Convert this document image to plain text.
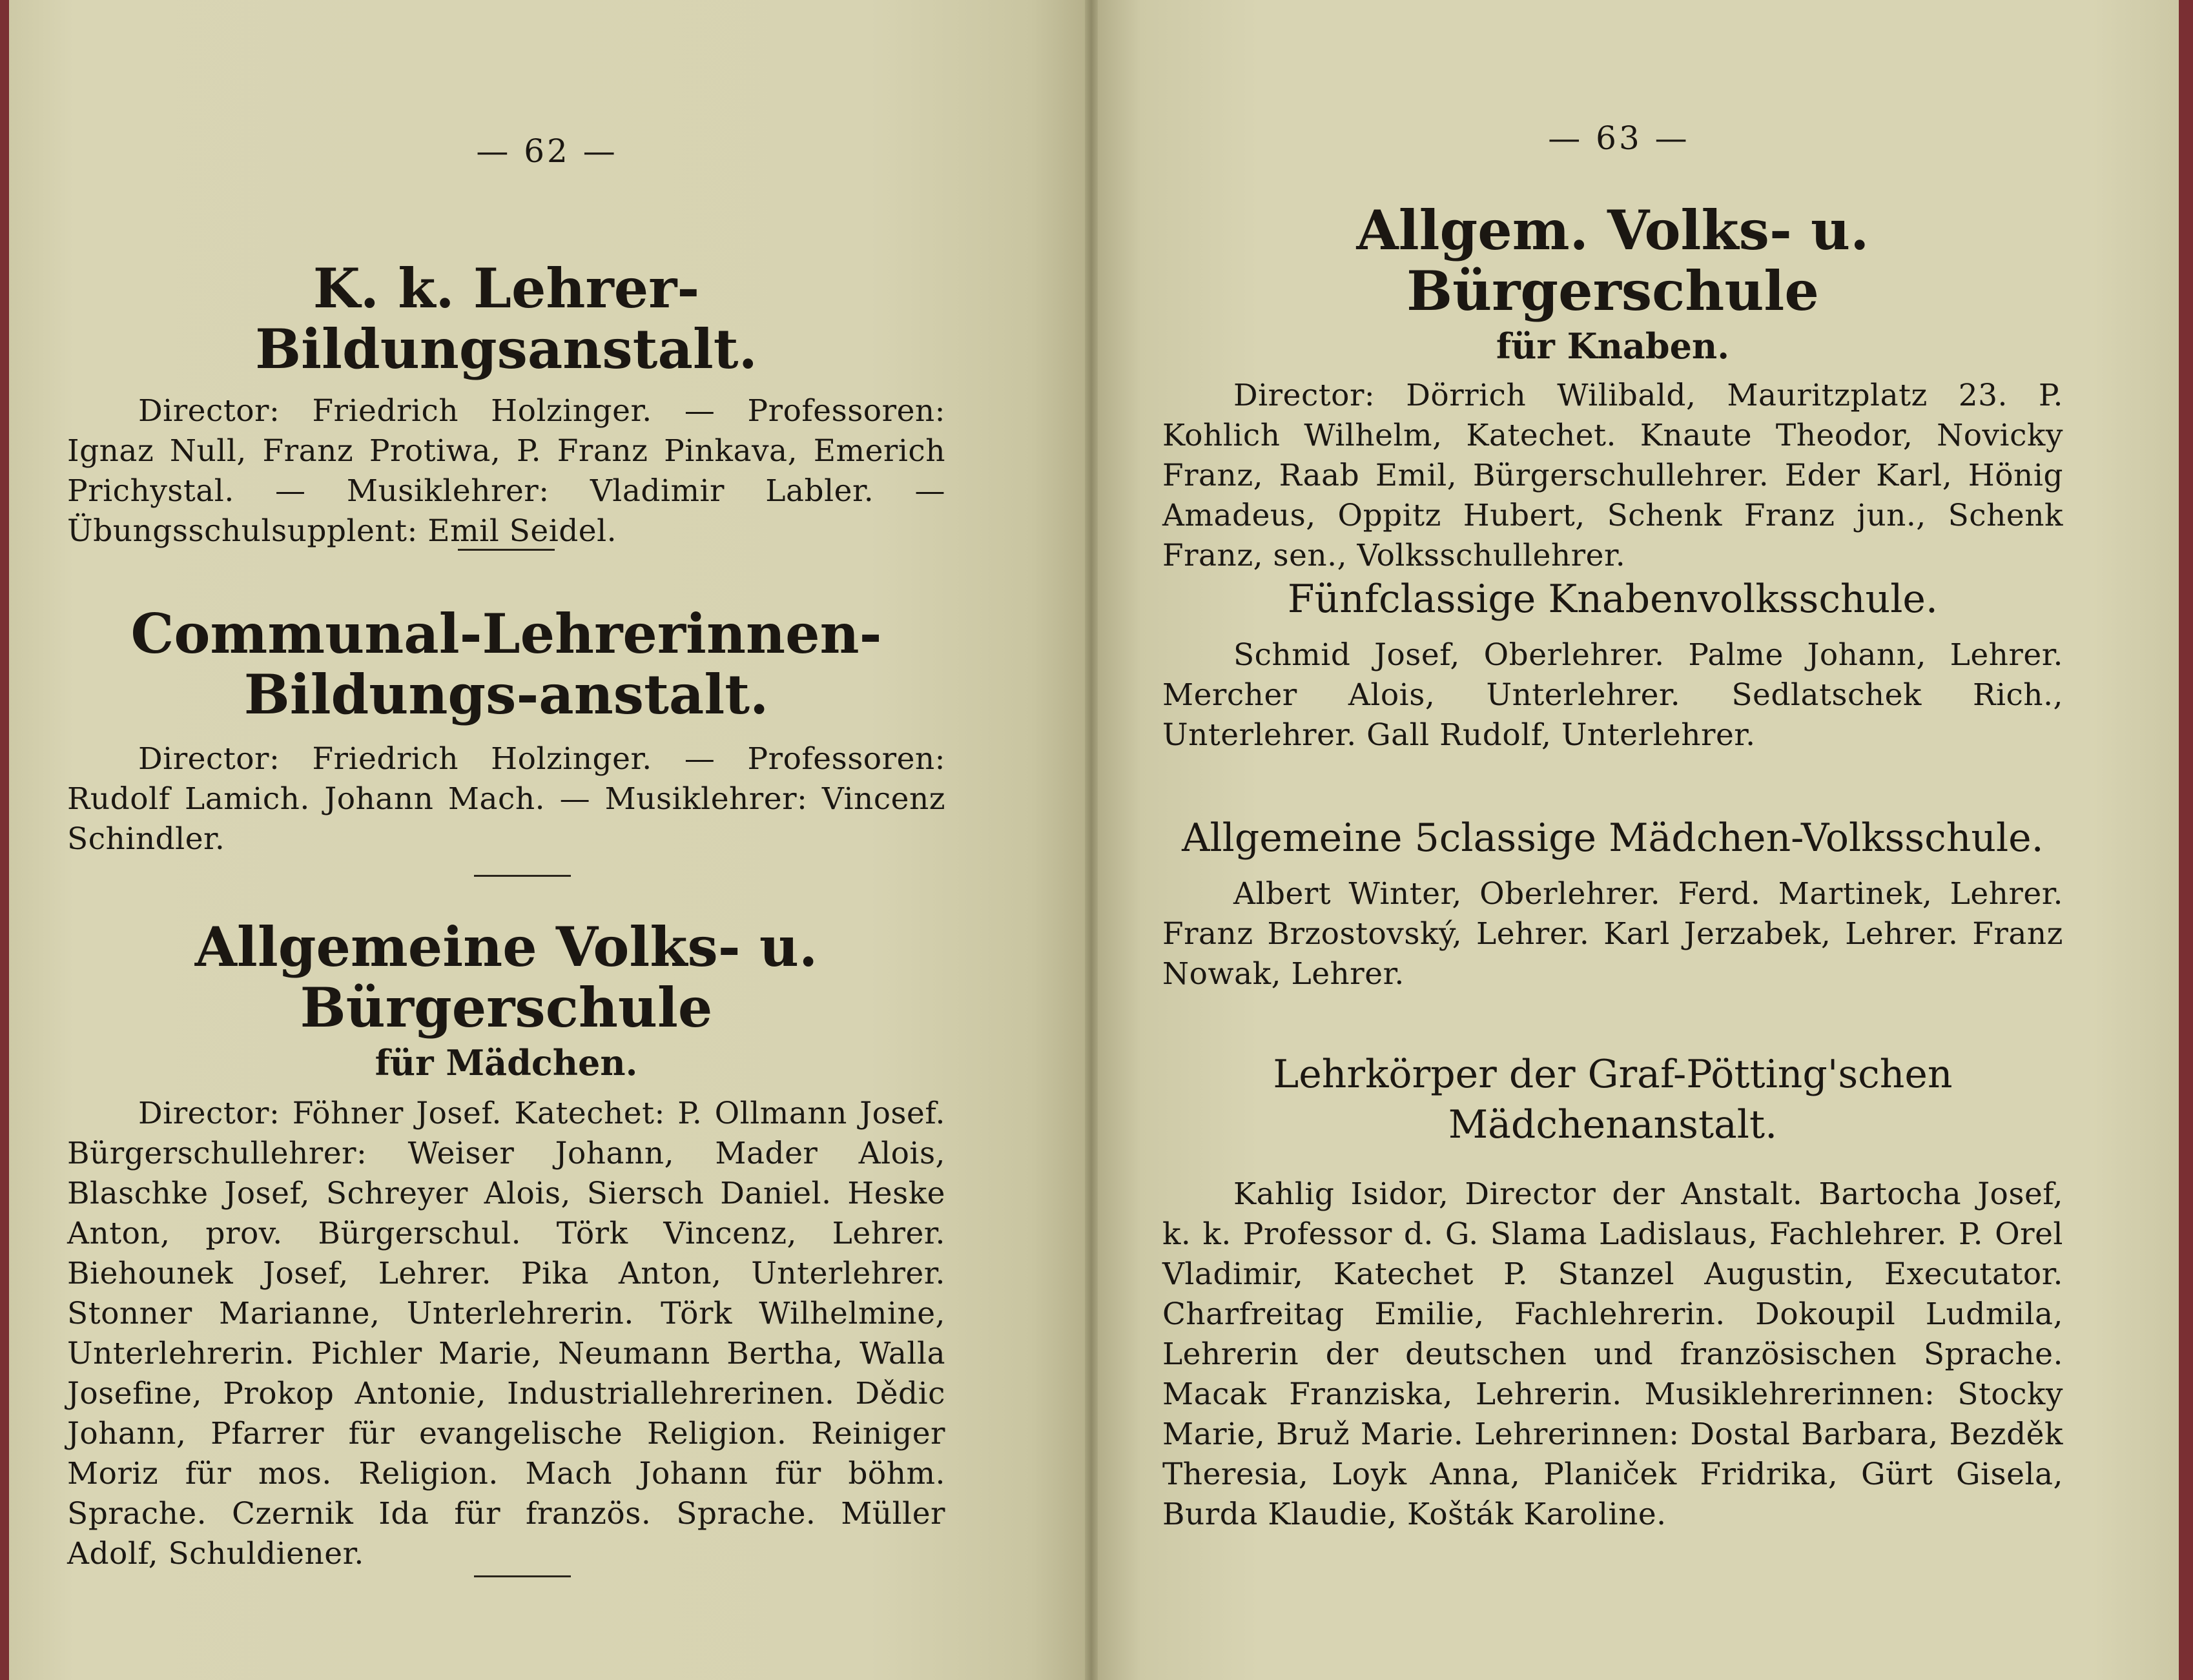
— 62 —
K. k. Lehrer-Bildungsanstalt.

Director: Friedrich Holzinger. — Professoren: Ignaz Null, Franz Protiwa, P. Franz Pinkava, Emerich Prichystal. — Musiklehrer: Vladimir Labler. — Übungsschulsupplent: Emil Seidel.

Communal-Lehrerinnen-Bildungs-anstalt.

Director: Friedrich Holzinger. — Professoren: Rudolf Lamich. Johann Mach. — Musiklehrer: Vincenz Schindler.

Allgemeine Volks- u. Bürgerschule
für Mädchen.

Director: Föhner Josef. Katechet: P. Ollmann Josef. Bürgerschullehrer: Weiser Johann, Mader Alois, Blaschke Josef, Schreyer Alois, Siersch Daniel. Heske Anton, prov. Bürgerschul. Törk Vincenz, Lehrer. Biehounek Josef, Lehrer. Pika Anton, Unterlehrer. Stonner Marianne, Unterlehrerin. Törk Wilhelmine, Unterlehrerin. Pichler Marie, Neumann Bertha, Walla Josefine, Prokop Antonie, Industriallehrerinen. Dědic Johann, Pfarrer für evangelische Religion. Reiniger Moriz für mos. Religion. Mach Johann für böhm. Sprache. Czernik Ida für französ. Sprache. Müller Adolf, Schuldiener.

— 63 —
Allgem. Volks- u. Bürgerschule
für Knaben.

Director: Dörrich Wilibald, Mauritzplatz 23. P. Kohlich Wilhelm, Katechet. Knaute Theodor, Novicky Franz, Raab Emil, Bürgerschullehrer. Eder Karl, Hönig Amadeus, Oppitz Hubert, Schenk Franz jun., Schenk Franz, sen., Volksschullehrer.

Fünfclassige Knabenvolksschule.

Schmid Josef, Oberlehrer. Palme Johann, Lehrer. Mercher Alois, Unterlehrer. Sedlatschek Rich., Unterlehrer. Gall Rudolf, Unterlehrer.

Allgemeine 5classige Mädchen-Volksschule.

Albert Winter, Oberlehrer. Ferd. Martinek, Lehrer. Franz Brzostovský, Lehrer. Karl Jerzabek, Lehrer. Franz Nowak, Lehrer.

Lehrkörper der Graf-Pötting'schen Mädchenanstalt.

Kahlig Isidor, Director der Anstalt. Bartocha Josef, k. k. Professor d. G. Slama Ladislaus, Fachlehrer. P. Orel Vladimir, Katechet P. Stanzel Augustin, Executator. Charfreitag Emilie, Fachlehrerin. Dokoupil Ludmila, Lehrerin der deutschen und französischen Sprache. Macak Franziska, Lehrerin. Musiklehrerinnen: Stocky Marie, Bruž Marie. Lehrerinnen: Dostal Barbara, Bezděk Theresia, Loyk Anna, Planiček Fridrika, Gürt Gisela, Burda Klaudie, Košták Karoline.
